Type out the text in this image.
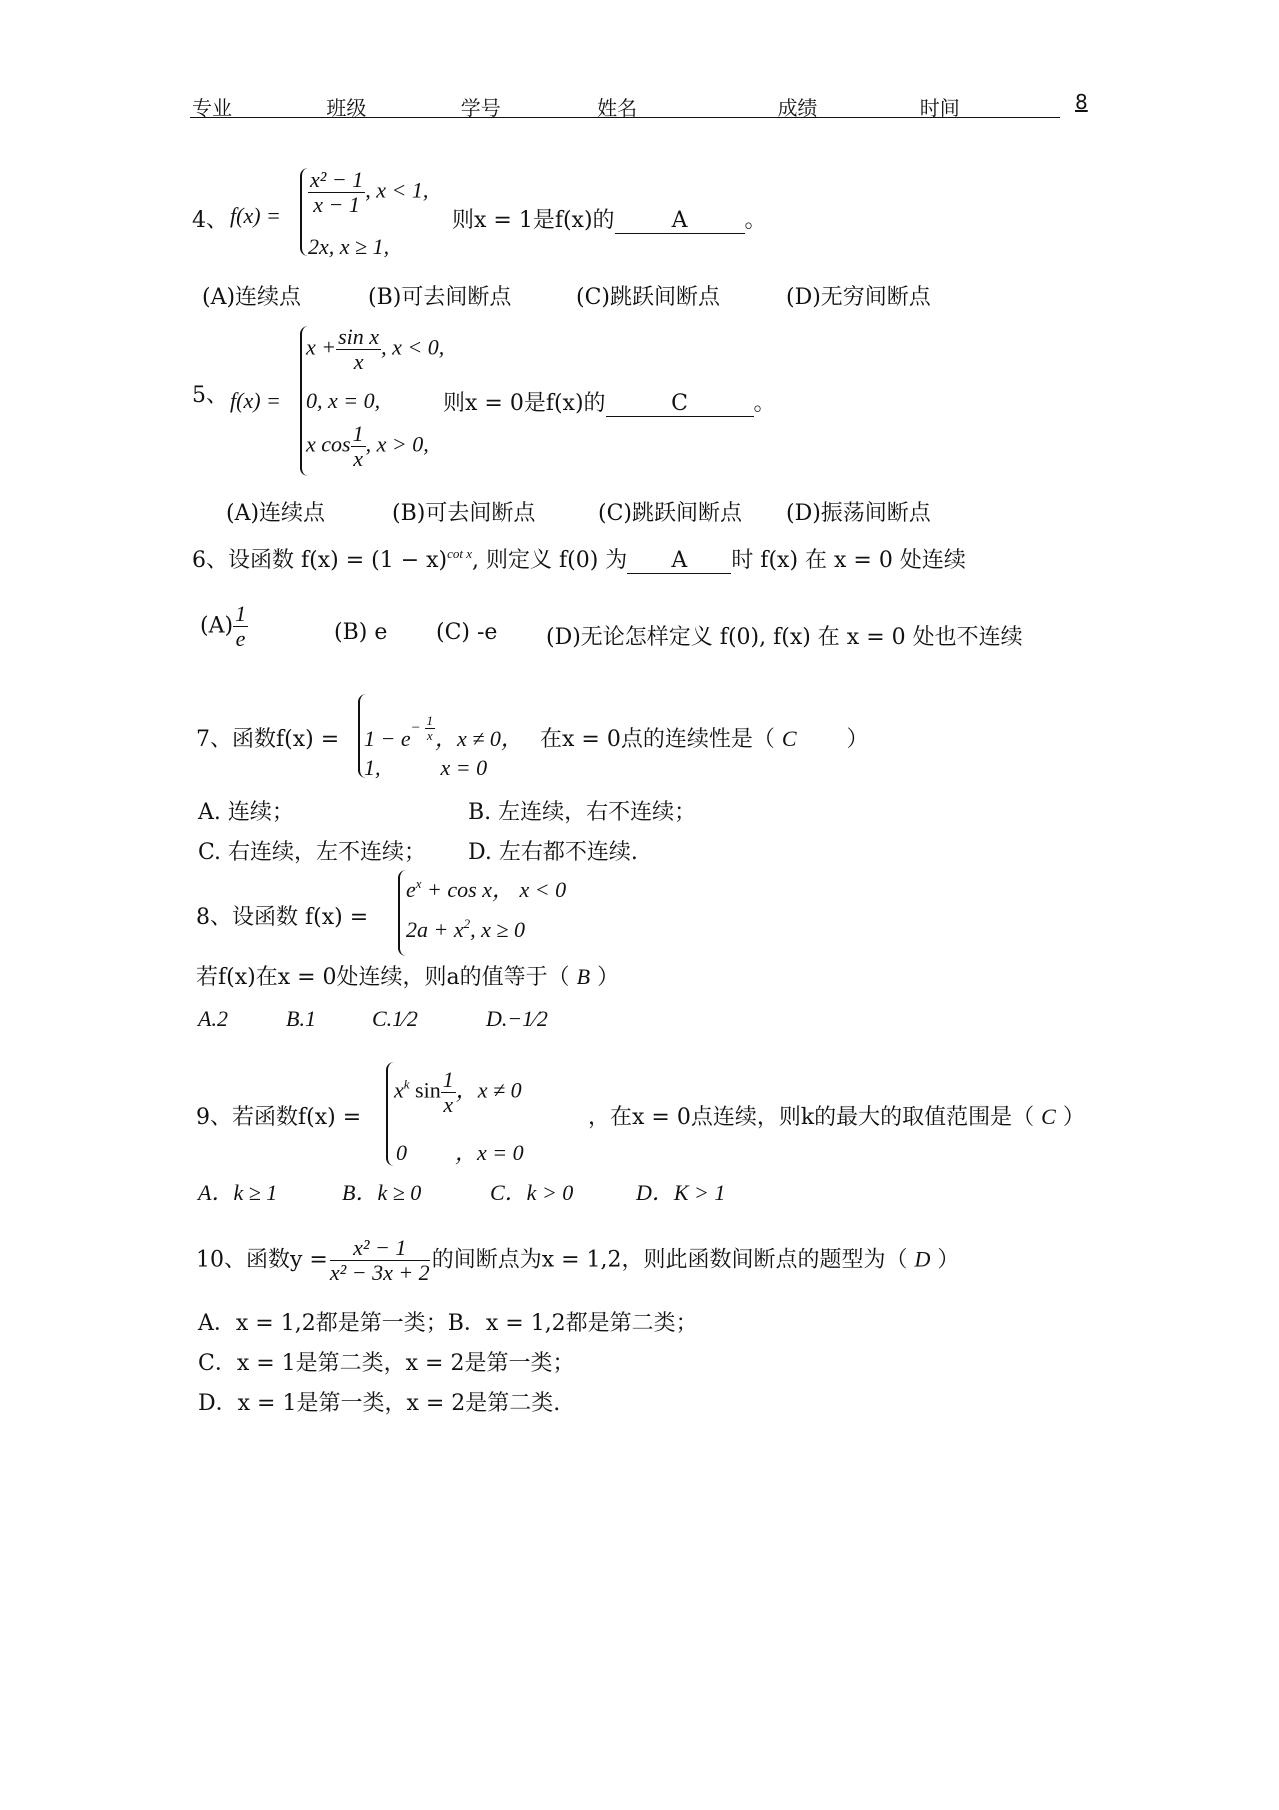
专业	班级	学号	姓名	成绩	时间	8
4、 $f(x) = \frac{\text{x² − 1}}{x - 1}$ , x < 1,
2x, x ≥ 1,
则x = 1是f(x)的	A	。
(A)连续点	(B)可去间断点	(C)跳跃间断点	(D)无穷间断点
5、 f(x) =
$x + \frac{\text{sin x}}{x}$ , x < 0,
0, x = 0,
x $\cos \frac{1}{x}$ , x > 0,
则x = 0是f(x)的	C	。
(A)连续点	(B)可去间断点	(C)跳跃间断点 (D)振荡间断点
6、设函数 $f(x) = (1 - x)^{cot x}$, 则定义 f(0) 为 A 时 f(x) 在 x = 0 处连续
$(A) \frac{1}{e}$	(B) e (C) -e (D)无论怎样定义 f(0), f(x) 在 x = 0 处也不连续
7、函数$f(x) = 1 - e^{- \frac{1}{x}}$ ，x ≠ 0，
1,	x = 0
在x = 0点的连续性是（ C ）
A. 连续；	B. 左连续，右不连续；
C. 右连续，左不连续； D. 左右都不连续.
8、设函数 f(x) =
$e^x + \cos x$， x < 0
$2a + x^2$, x ≥ 0
若f(x)在x = 0处连续，则a的值等于（ B ）
A.2	B.1	C.1⁄2	D.−1⁄2
9、若函数f(x) =
$x^k$ $\sin \frac{1}{x}$ ，x ≠ 0
0 ，x = 0
，在x = 0点连续，则k的最大的取值范围是（ C ）
A．k ≥ 1	B．k ≥ 0	C．k > 0	D．K > 1
10、函数$y = \frac{\text{x² − 1}}{\text{x² − 3x + 2}}$ 的间断点为x = 1,2，则此函数间断点的题型为（ D ）
A．x = 1,2都是第一类；B．x = 1,2都是第二类；
C．x = 1是第二类，x = 2是第一类；
D．x = 1是第一类，x = 2是第二类.
